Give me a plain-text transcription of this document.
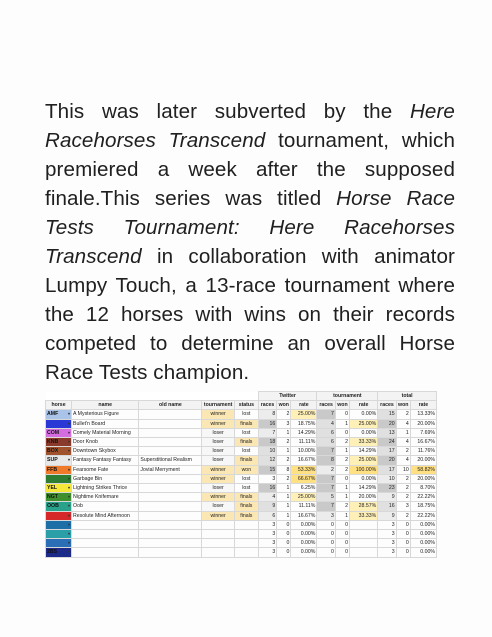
This was later subverted by the Here
Racehorses Transcend tournament, which
premiered a week after the supposed
finale.This series was titled Horse Race
Tests Tournament: Here Racehorses
Transcend in collaboration with animator
Lumpy Touch, a 13-race tournament where
the 12 horses with wins on their records
competed to determine an overall Horse
Race Tests champion.
					Twitter			tournament			total		
horse	name	old name	tournament	status	races	won	rate	races	won	rate	races	won	rate

AMF ▾	A Mysterious Figure		winner	lost	8	2	25.00%	7	0	0.00%	15	2	13.33%

▾	Bullet'n Board		winner	finals	16	3	18.75%	4	1	25.00%	20	4	20.00%

COM ▾	Comely Material Morning		loser	lost	7	1	14.29%	6	0	0.00%	13	1	7.69%

KNB ▾	Door Knob		loser	finals	18	2	11.11%	6	2	33.33%	24	4	16.67%

BOX ▾	Downtown Skybox		loser	lost	10	1	10.00%	7	1	14.29%	17	2	11.76%

SUP ▾	Fantasy Fantasy Fantasy	Superstitional Realism	loser	finals	12	2	16.67%	8	2	25.00%	20	4	20.00%

FFB ▾	Fearsome Fate	Jovial Merryment	winner	won	15	8	53.33%	2	2	100.00%	17	10	58.82%

▾	Garbage Bin		winner	lost	3	2	66.67%	7	0	0.00%	10	2	20.00%

YEL ▾	Lightning Strikes Thrice		loser	lost	16	1	6.25%	7	1	14.29%	23	2	8.70%

NGT ▾	Nightime Knifemare		winner	finals	4	1	25.00%	5	1	20.00%	9	2	22.22%

OOB ▾	Oob		loser	finals	9	1	11.11%	7	2	28.57%	16	3	18.75%

▾	Resolute Mind Afternoon		winner	finals	6	1	16.67%	3	1	33.33%	9	2	22.22%

▾					3	0	0.00%	0	0		3	0	0.00%

▾					3	0	0.00%	0	0		3	0	0.00%

▾					3	0	0.00%	0	0		3	0	0.00%

2BS ▾					3	0	0.00%	0	0		3	0	0.00%
